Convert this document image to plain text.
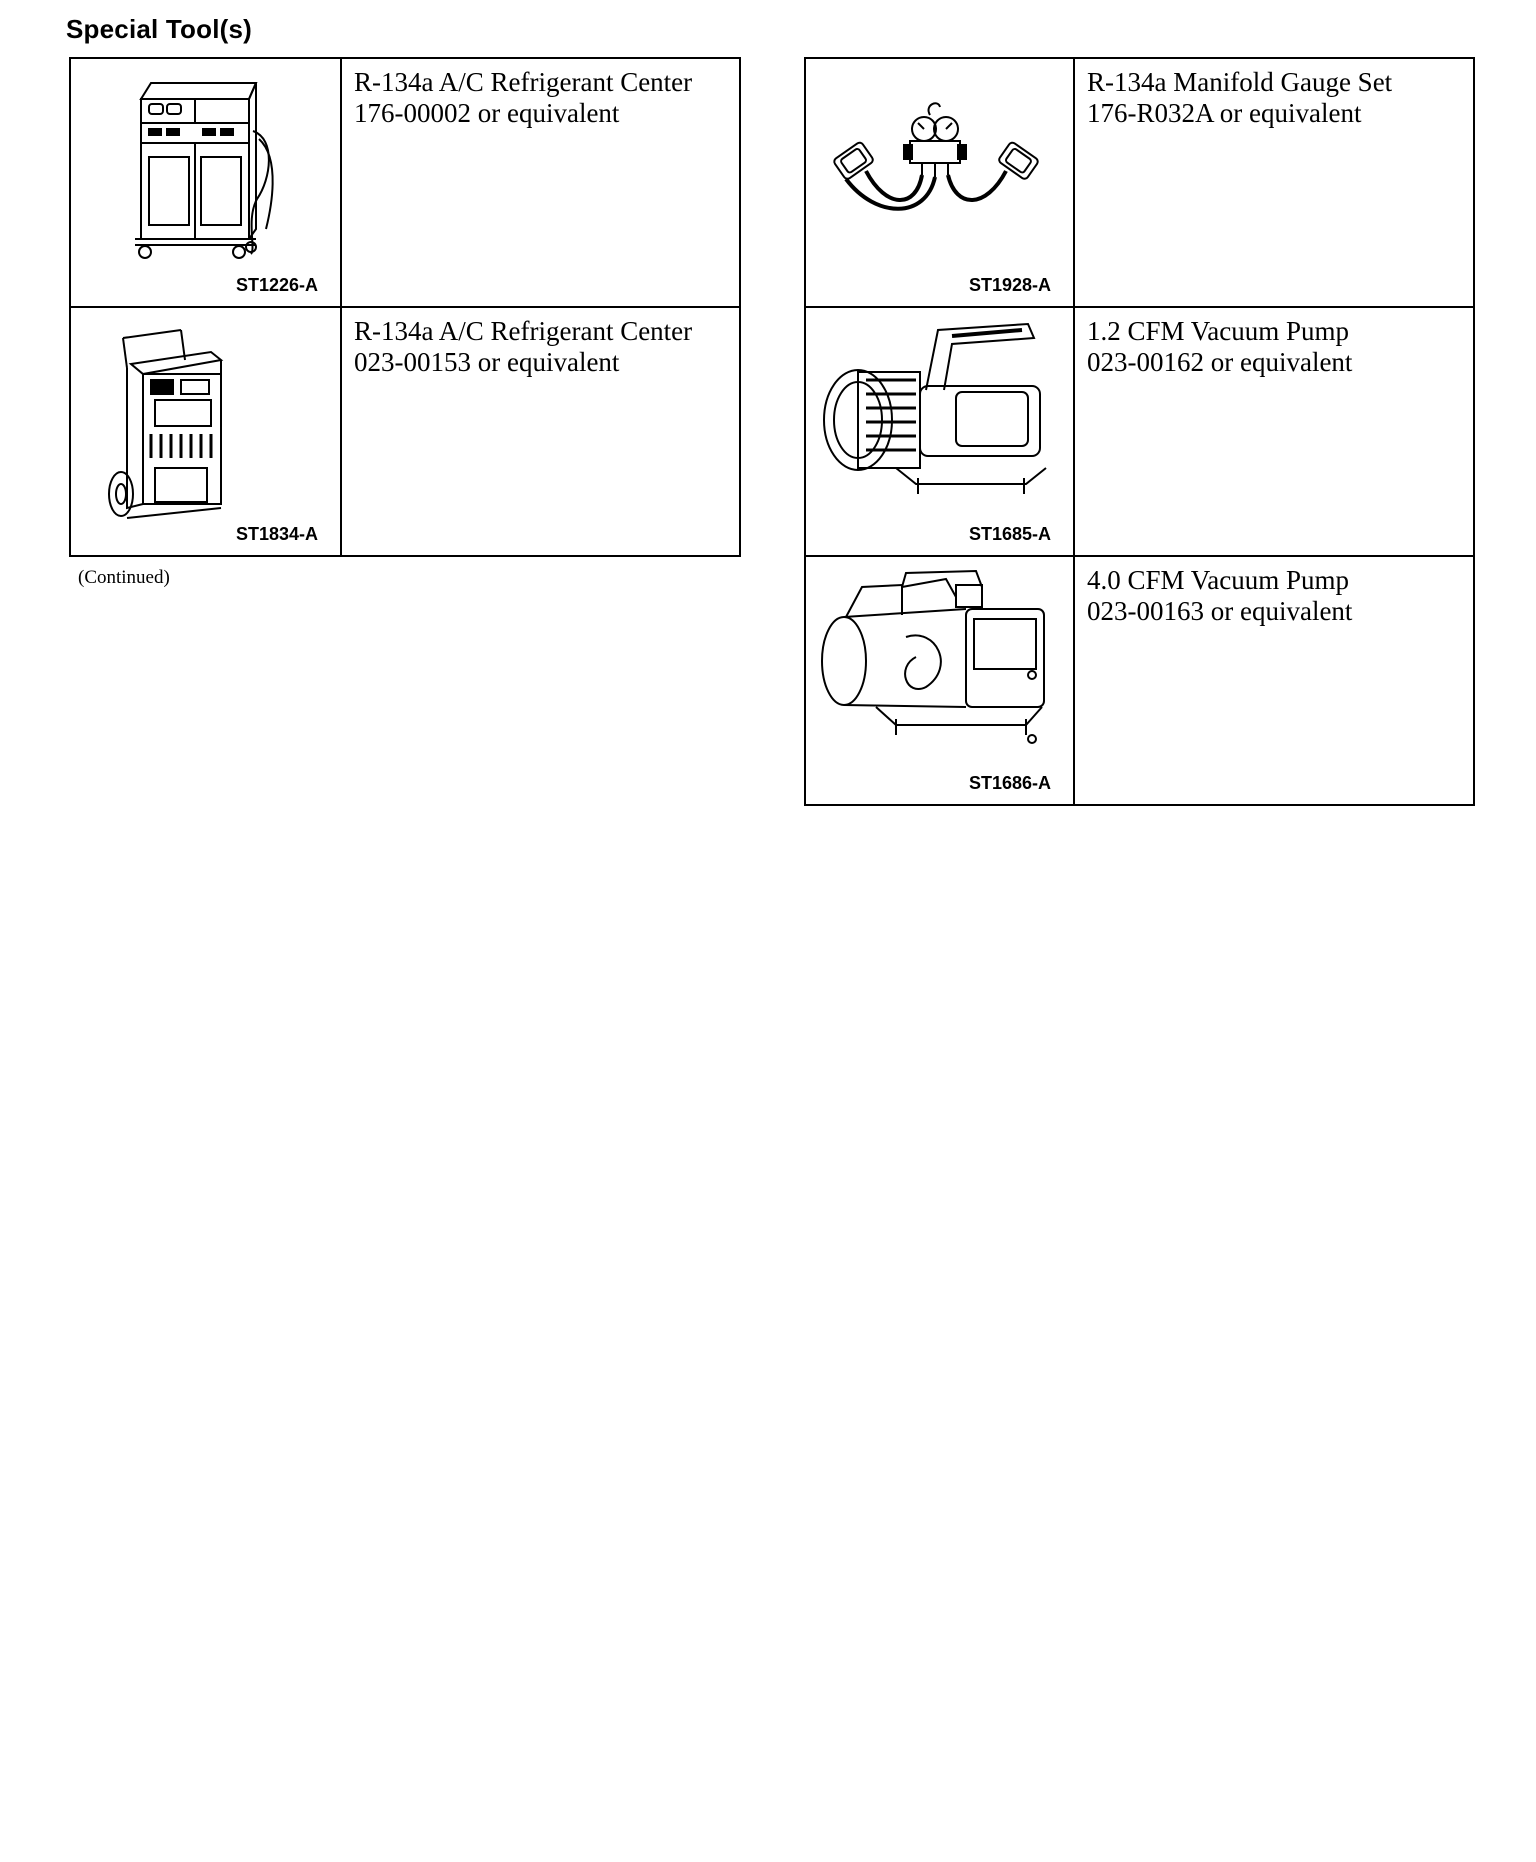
Special Tool(s)
ST1226-A	R-134a A/C Refrigerant Center
176-00002 or equivalent

ST1834-A	R-134a A/C Refrigerant Center
023-00153 or equivalent
(Continued)
ST1928-A	R-134a Manifold Gauge Set
176-R032A or equivalent

ST1685-A	1.2 CFM Vacuum Pump
023-00162 or equivalent

ST1686-A	4.0 CFM Vacuum Pump
023-00163 or equivalent
